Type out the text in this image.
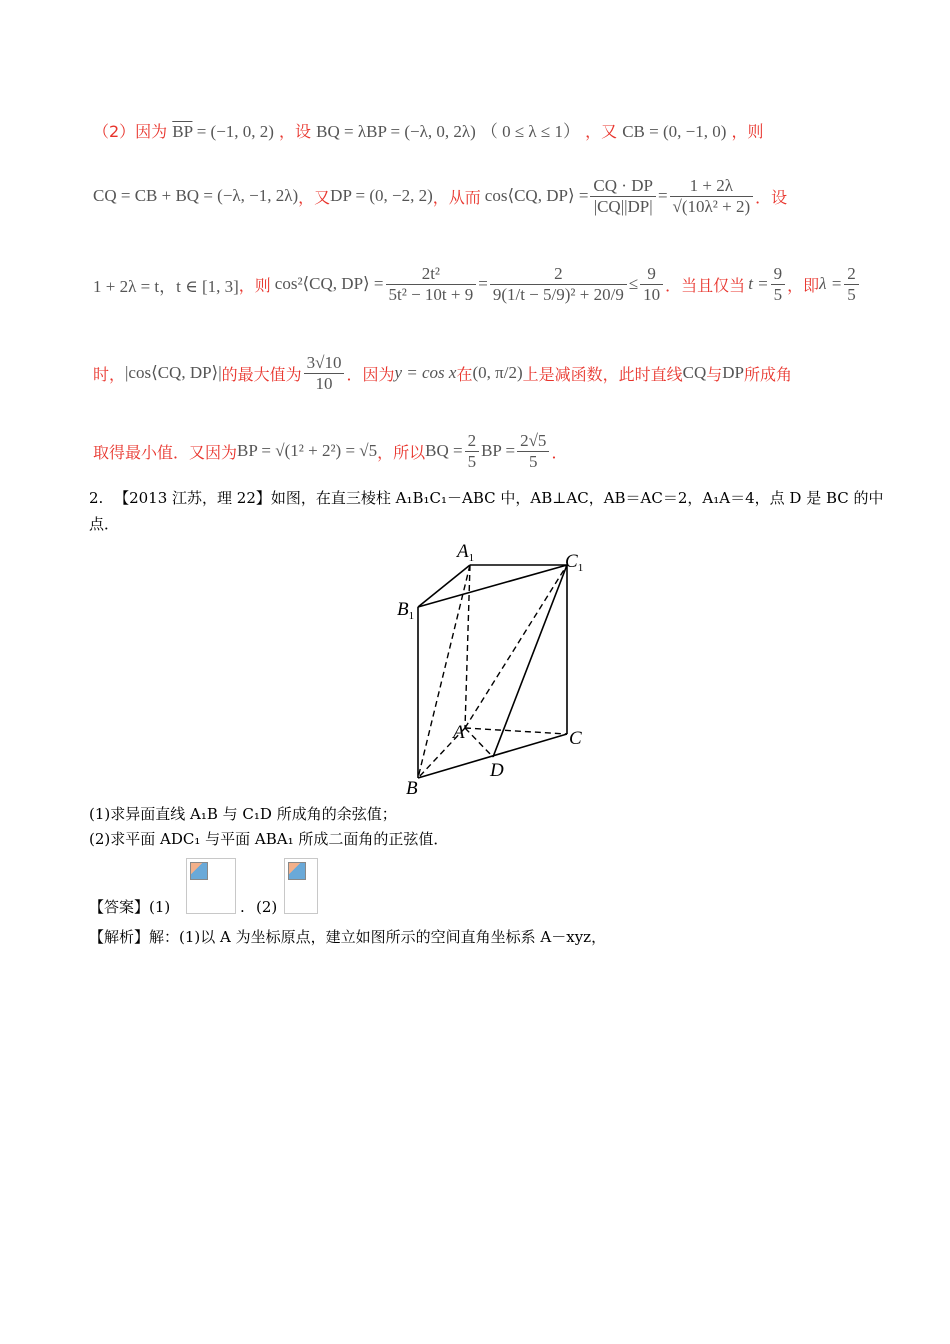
（2）因为 $\overline{BP} = (-1$, 0, 2) ，设 BQ = λBP = (−λ, 0, 2λ) （ 0 ≤ λ ≤ 1） ，又 CB = (0, −1, 0) ，则
CQ = CB + BQ = (−λ, −1, 2λ) ，又 DP = (0, −2, 2) ，从而 cos⟨CQ, DP⟩ = $\frac{CQ \cdot DP}{|CQ||DP|} = \frac{1 + 2\lambda}{\text{√(10λ² + 2)}}$ ．设
1 + 2λ = t，t ∈ [1, 3] ，则 cos²⟨CQ, DP⟩ = $\frac{\text{2t²}}{\text{5t² − 10t + 9}} = \frac{2}{\text{9(1/t − 5/9)² + 20/9}} \le \frac{9}{10}$ ．当且仅当 $t = \frac{9}{5}$ ，即 $\lambda = \frac{2}{5}$
时， |cos⟨CQ, DP⟩| 的最大值为 $\frac{3√10}{10}$ ．因为 y = cos x 在 (0, π/2) 上是减函数，此时直线 CQ 与 DP 所成角
取得最小值．又因为 BP = √(1² + 2²) = √5 ，所以 BQ = $\frac{2}{5}$ BP = $\frac{2√5}{5}$ ．
2. 【2013 江苏，理 22】如图，在直三棱柱 A₁B₁C₁－ABC 中，AB⊥AC，AB＝AC＝2，A₁A＝4，点 D 是 BC 的中
点．
$A_1$	$C_1$
$B_1$
A	C
D
B
(1)求异面直线 A₁B 与 C₁D 所成角的余弦值；
(2)求平面 ADC₁ 与平面 ABA₁ 所成二面角的正弦值．
【答案】(1)	. (2)
【解析】解：(1)以 A 为坐标原点，建立如图所示的空间直角坐标系 A－xyz，
